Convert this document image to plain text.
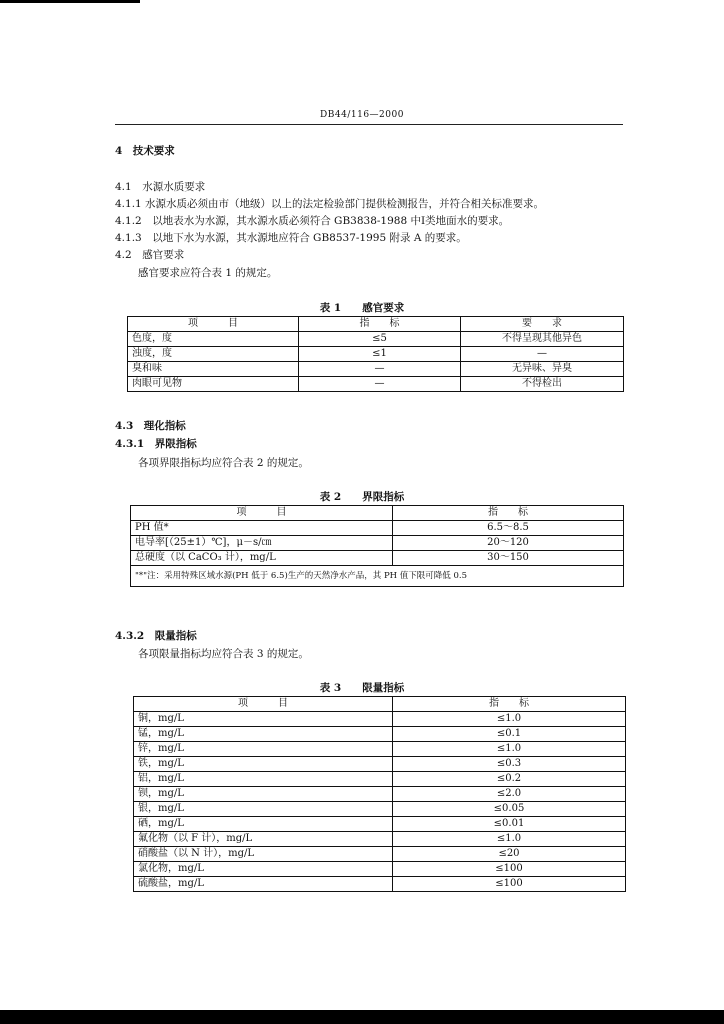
DB44/116—2000
4　技术要求
4.1　水源水质要求
4.1.1 水源水质必须由市（地级）以上的法定检验部门提供检测报告，并符合相关标准要求。
4.1.2　以地表水为水源，其水源水质必须符合 GB3838-1988 中Ⅰ类地面水的要求。
4.1.3　以地下水为水源，其水源地应符合 GB8537-1995 附录 A 的要求。
4.2　感官要求
感官要求应符合表 1 的规定。
表 1　　感官要求
项　　　目	指　　标	要　　求
色度，度	≤5	不得呈现其他异色
浊度，度	≤1	—
臭和味	—	无异味、异臭
肉眼可见物	—	不得检出
4.3　理化指标
4.3.1　界限指标
各项界限指标均应符合表 2 的规定。
表 2　　界限指标
项　　　目	指　　标
PH 值*	6.5～8.5
电导率[（25±1）℃]，μ－s/㎝	20～120
总硬度（以 CaCO₃ 计），mg/L	30～150
"*"注：采用特殊区域水源(PH 低于 6.5)生产的天然净水产品，其 PH 值下限可降低 0.5	
4.3.2　限量指标
各项限量指标均应符合表 3 的规定。
表 3　　限量指标
项　　　目	指　　标
铜，mg/L	≤1.0
锰，mg/L	≤0.1
锌，mg/L	≤1.0
铁，mg/L	≤0.3
铝，mg/L	≤0.2
钡，mg/L	≤2.0
银，mg/L	≤0.05
硒，mg/L	≤0.01
氟化物（以 F 计），mg/L	≤1.0
硝酸盐（以 N 计），mg/L	≤20
氯化物，mg/L	≤100
硫酸盐，mg/L	≤100
